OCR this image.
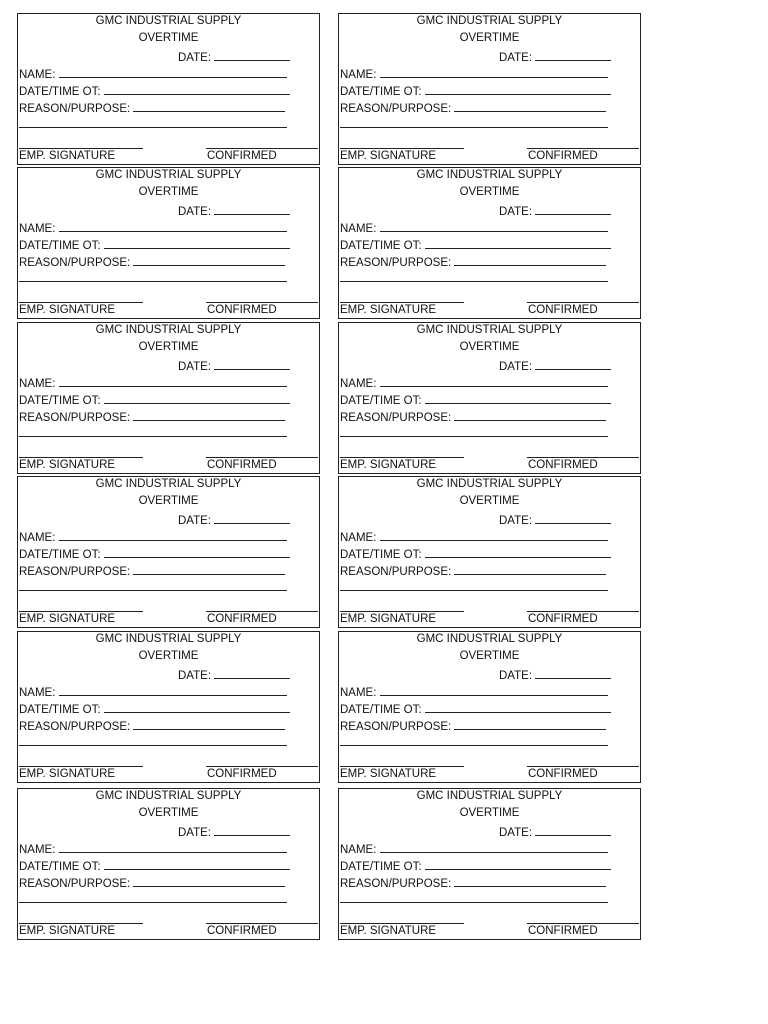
GMC INDUSTRIAL SUPPLY
OVERTIME
DATE:
NAME:
DATE/TIME OT:
REASON/PURPOSE:
EMP. SIGNATURE	CONFIRMED
GMC INDUSTRIAL SUPPLY
OVERTIME
DATE:
NAME:
DATE/TIME OT:
REASON/PURPOSE:
EMP. SIGNATURE	CONFIRMED
GMC INDUSTRIAL SUPPLY
OVERTIME
DATE:
NAME:
DATE/TIME OT:
REASON/PURPOSE:
EMP. SIGNATURE	CONFIRMED
GMC INDUSTRIAL SUPPLY
OVERTIME
DATE:
NAME:
DATE/TIME OT:
REASON/PURPOSE:
EMP. SIGNATURE	CONFIRMED
GMC INDUSTRIAL SUPPLY
OVERTIME
DATE:
NAME:
DATE/TIME OT:
REASON/PURPOSE:
EMP. SIGNATURE	CONFIRMED
GMC INDUSTRIAL SUPPLY
OVERTIME
DATE:
NAME:
DATE/TIME OT:
REASON/PURPOSE:
EMP. SIGNATURE	CONFIRMED
GMC INDUSTRIAL SUPPLY
OVERTIME
DATE:
NAME:
DATE/TIME OT:
REASON/PURPOSE:
EMP. SIGNATURE	CONFIRMED
GMC INDUSTRIAL SUPPLY
OVERTIME
DATE:
NAME:
DATE/TIME OT:
REASON/PURPOSE:
EMP. SIGNATURE	CONFIRMED
GMC INDUSTRIAL SUPPLY
OVERTIME
DATE:
NAME:
DATE/TIME OT:
REASON/PURPOSE:
EMP. SIGNATURE	CONFIRMED
GMC INDUSTRIAL SUPPLY
OVERTIME
DATE:
NAME:
DATE/TIME OT:
REASON/PURPOSE:
EMP. SIGNATURE	CONFIRMED
GMC INDUSTRIAL SUPPLY
OVERTIME
DATE:
NAME:
DATE/TIME OT:
REASON/PURPOSE:
EMP. SIGNATURE	CONFIRMED
GMC INDUSTRIAL SUPPLY
OVERTIME
DATE:
NAME:
DATE/TIME OT:
REASON/PURPOSE:
EMP. SIGNATURE	CONFIRMED
